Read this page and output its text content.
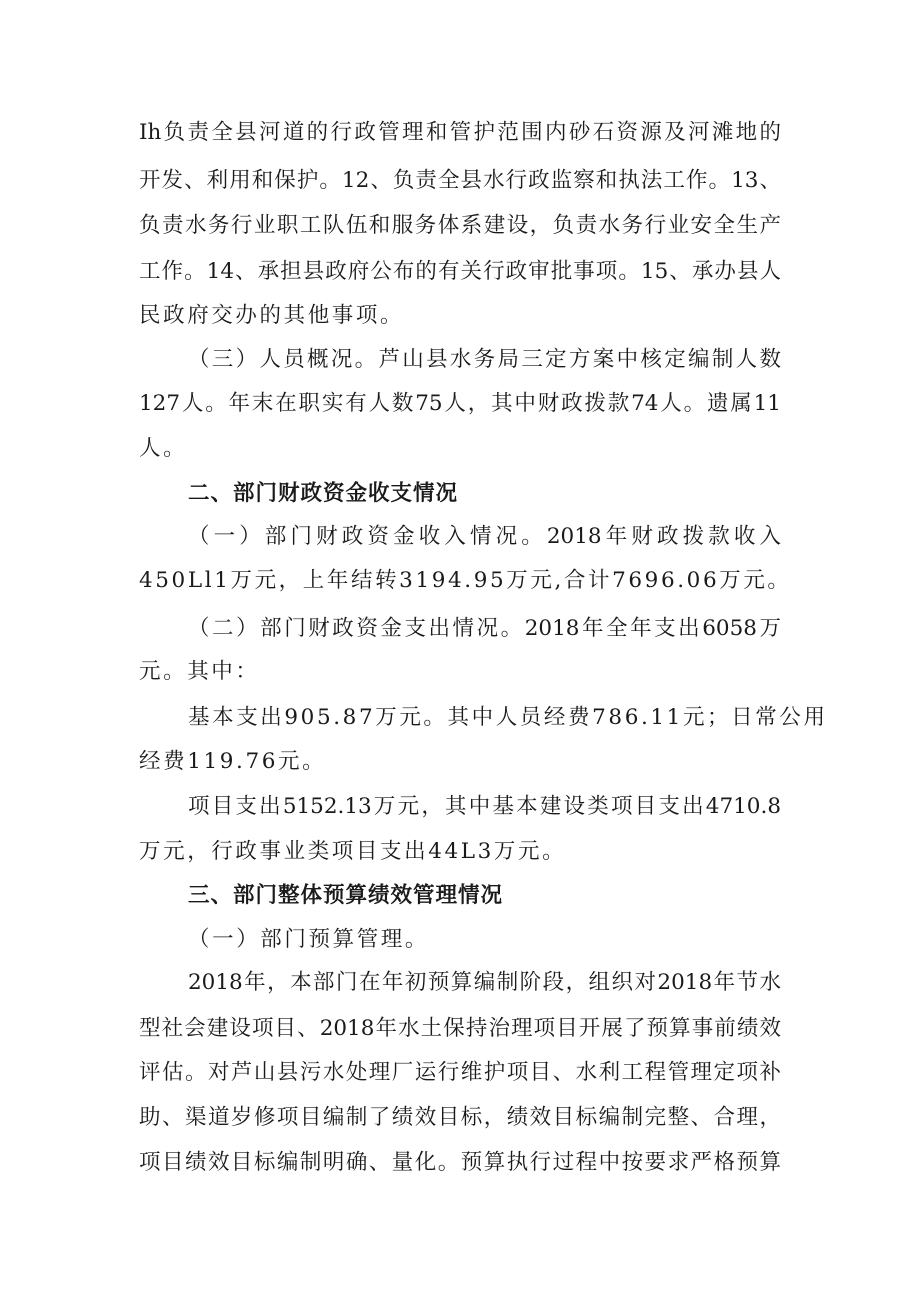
Ih负责全县河道的行政管理和管护范围内砂石资源及河滩地的
开发、利用和保护。12、负责全县水行政监察和执法工作。13、
负责水务行业职工队伍和服务体系建设，负责水务行业安全生产
工作。14、承担县政府公布的有关行政审批事项。15、承办县人
民政府交办的其他事项。
（三）人员概况。芦山县水务局三定方案中核定编制人数
127人。年末在职实有人数75人，其中财政拨款74人。遗属11
人。
二、部门财政资金收支情况
（一）部门财政资金收入情况。2018年财政拨款收入
450Ll1万元，上年结转3194.95万元,合计7696.06万元。
（二）部门财政资金支出情况。2018年全年支出6058万
元。其中：
基本支出905.87万元。其中人员经费786.11元；日常公用
经费119.76元。
项目支出5152.13万元，其中基本建设类项目支出4710.8
万元，行政事业类项目支出44L3万元。
三、部门整体预算绩效管理情况
（一）部门预算管理。
2018年，本部门在年初预算编制阶段，组织对2018年节水
型社会建设项目、2018年水土保持治理项目开展了预算事前绩效
评估。对芦山县污水处理厂运行维护项目、水利工程管理定项补
助、渠道岁修项目编制了绩效目标，绩效目标编制完整、合理，
项目绩效目标编制明确、量化。预算执行过程中按要求严格预算
